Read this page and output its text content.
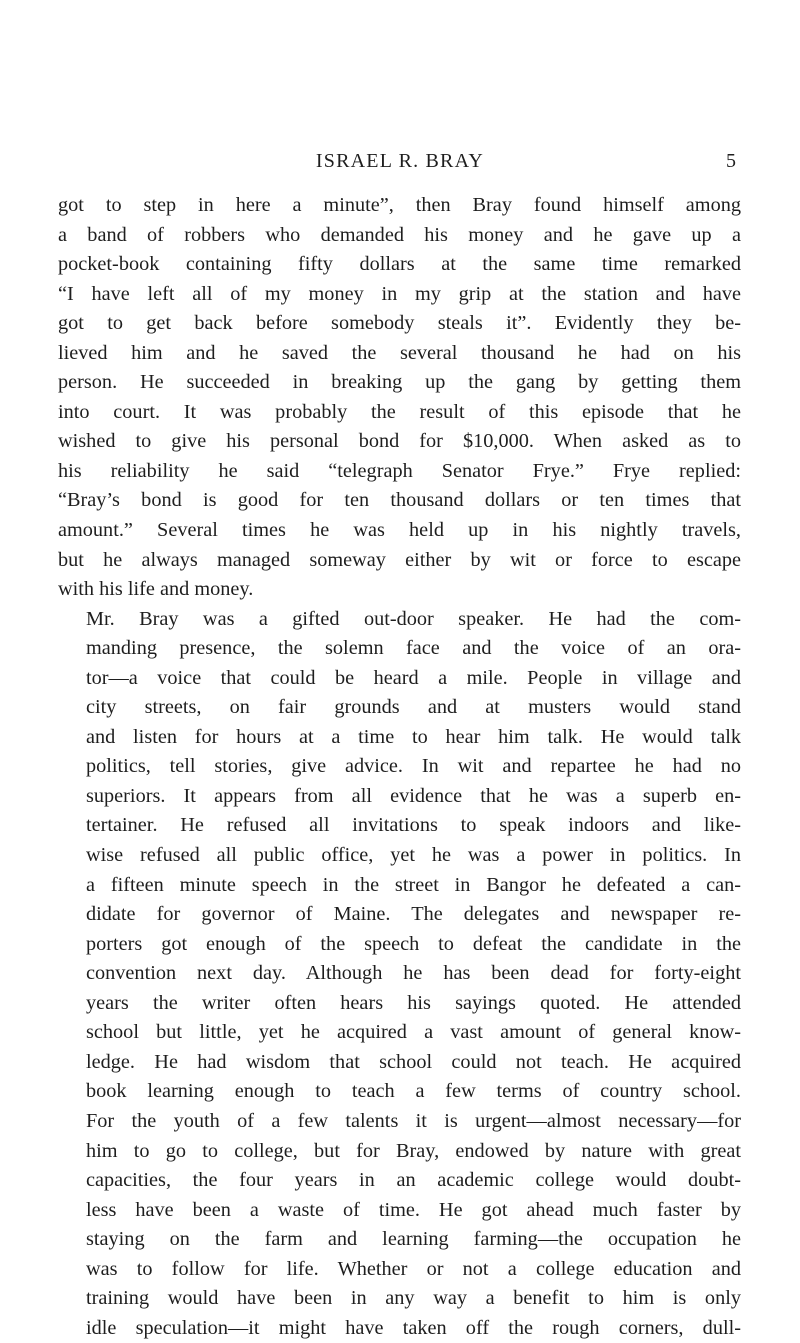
ISRAEL R. BRAY	5

got to step in here a minute”, then Bray found himself among
a band of robbers who demanded his money and he gave up a
pocket-book containing fifty dollars at the same time remarked
“I have left all of my money in my grip at the station and have
got to get back before somebody steals it”. Evidently they be-
lieved him and he saved the several thousand he had on his
person. He succeeded in breaking up the gang by getting them
into court. It was probably the result of this episode that he
wished to give his personal bond for $10,000. When asked as to
his reliability he said “telegraph Senator Frye.” Frye replied:
“Bray’s bond is good for ten thousand dollars or ten times that
amount.” Several times he was held up in his nightly travels,
but he always managed someway either by wit or force to escape
with his life and money.

Mr. Bray was a gifted out-door speaker. He had the com-
manding presence, the solemn face and the voice of an ora-
tor—a voice that could be heard a mile. People in village and
city streets, on fair grounds and at musters would stand
and listen for hours at a time to hear him talk. He would talk
politics, tell stories, give advice. In wit and repartee he had no
superiors. It appears from all evidence that he was a superb en-
tertainer. He refused all invitations to speak indoors and like-
wise refused all public office, yet he was a power in politics. In
a fifteen minute speech in the street in Bangor he defeated a can-
didate for governor of Maine. The delegates and newspaper re-
porters got enough of the speech to defeat the candidate in the
convention next day. Although he has been dead for forty-eight
years the writer often hears his sayings quoted. He attended
school but little, yet he acquired a vast amount of general know-
ledge. He had wisdom that school could not teach. He acquired
book learning enough to teach a few terms of country school.
For the youth of a few talents it is urgent—almost necessary—for
him to go to college, but for Bray, endowed by nature with great
capacities, the four years in an academic college would doubt-
less have been a waste of time. He got ahead much faster by
staying on the farm and learning farming—the occupation he
was to follow for life. Whether or not a college education and
training would have been in any way a benefit to him is only
idle speculation—it might have taken off the rough corners, dull-
